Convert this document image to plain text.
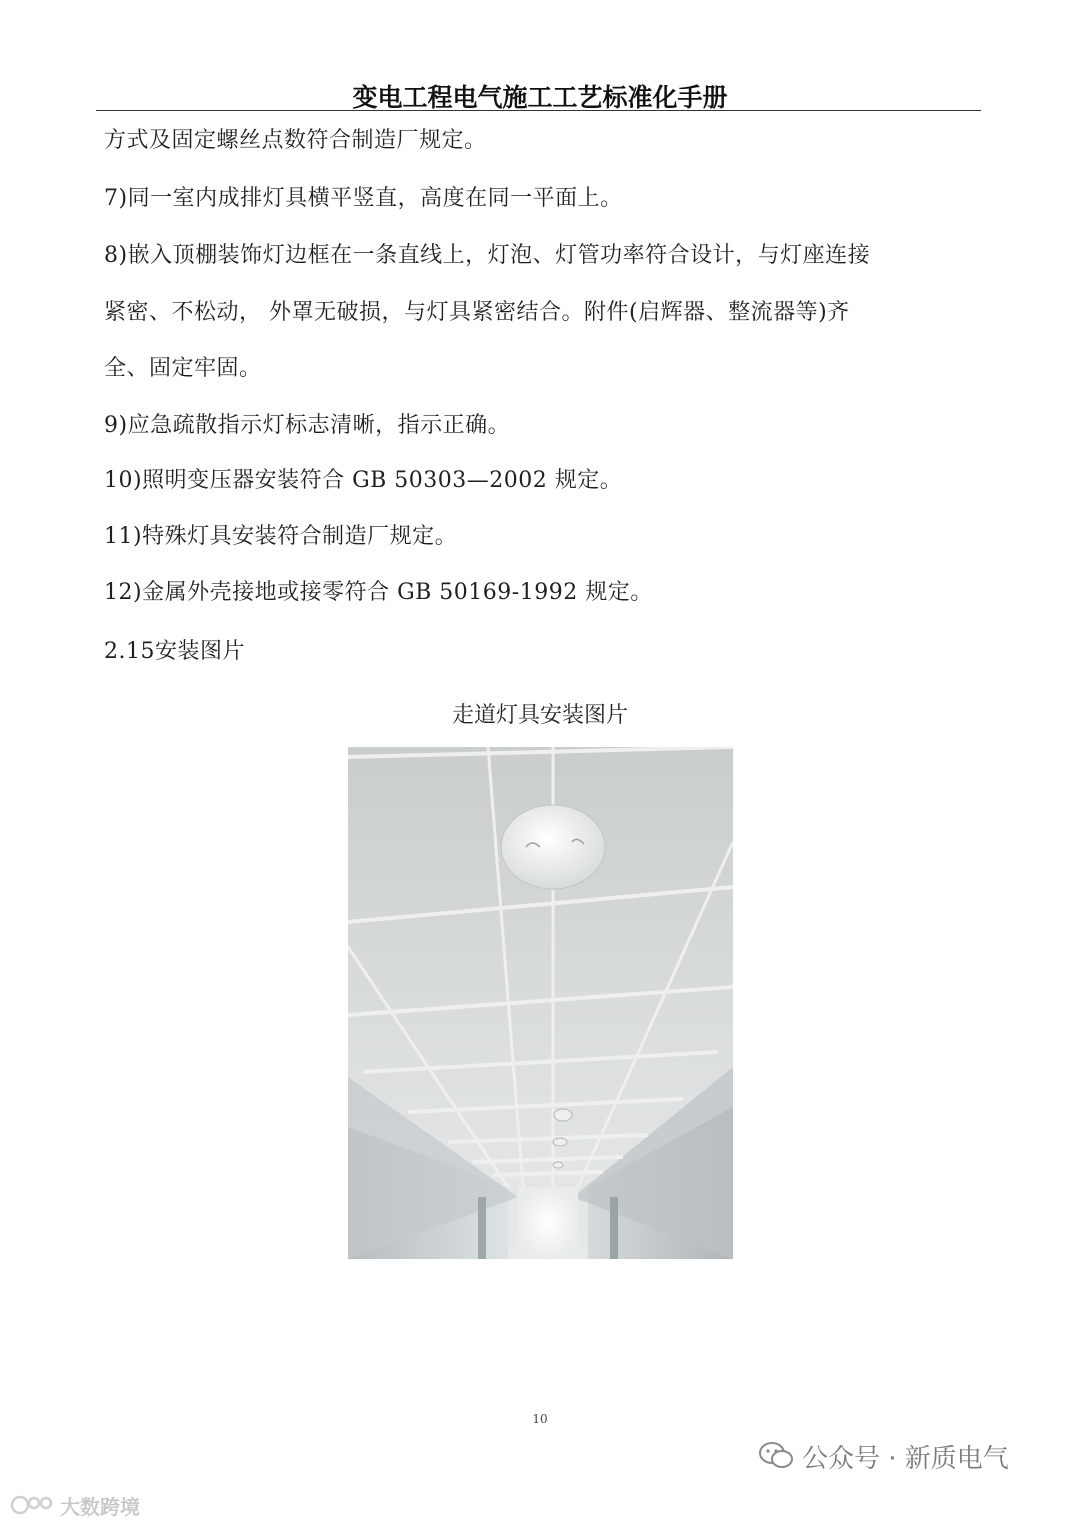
变电工程电气施工工艺标准化手册
方式及固定螺丝点数符合制造厂规定。
7)同一室内成排灯具横平竖直，高度在同一平面上。
8)嵌入顶棚装饰灯边框在一条直线上，灯泡、灯管功率符合设计，与灯座连接
紧密、不松动， 外罩无破损，与灯具紧密结合。附件(启辉器、整流器等)齐
全、固定牢固。
9)应急疏散指示灯标志清晰，指示正确。
10)照明变压器安装符合 GB 50303—2002 规定。
11)特殊灯具安装符合制造厂规定。
12)金属外壳接地或接零符合 GB 50169-1992 规定。
2.15安装图片
走道灯具安装图片
10
公众号 · 新质电气
大数跨境
